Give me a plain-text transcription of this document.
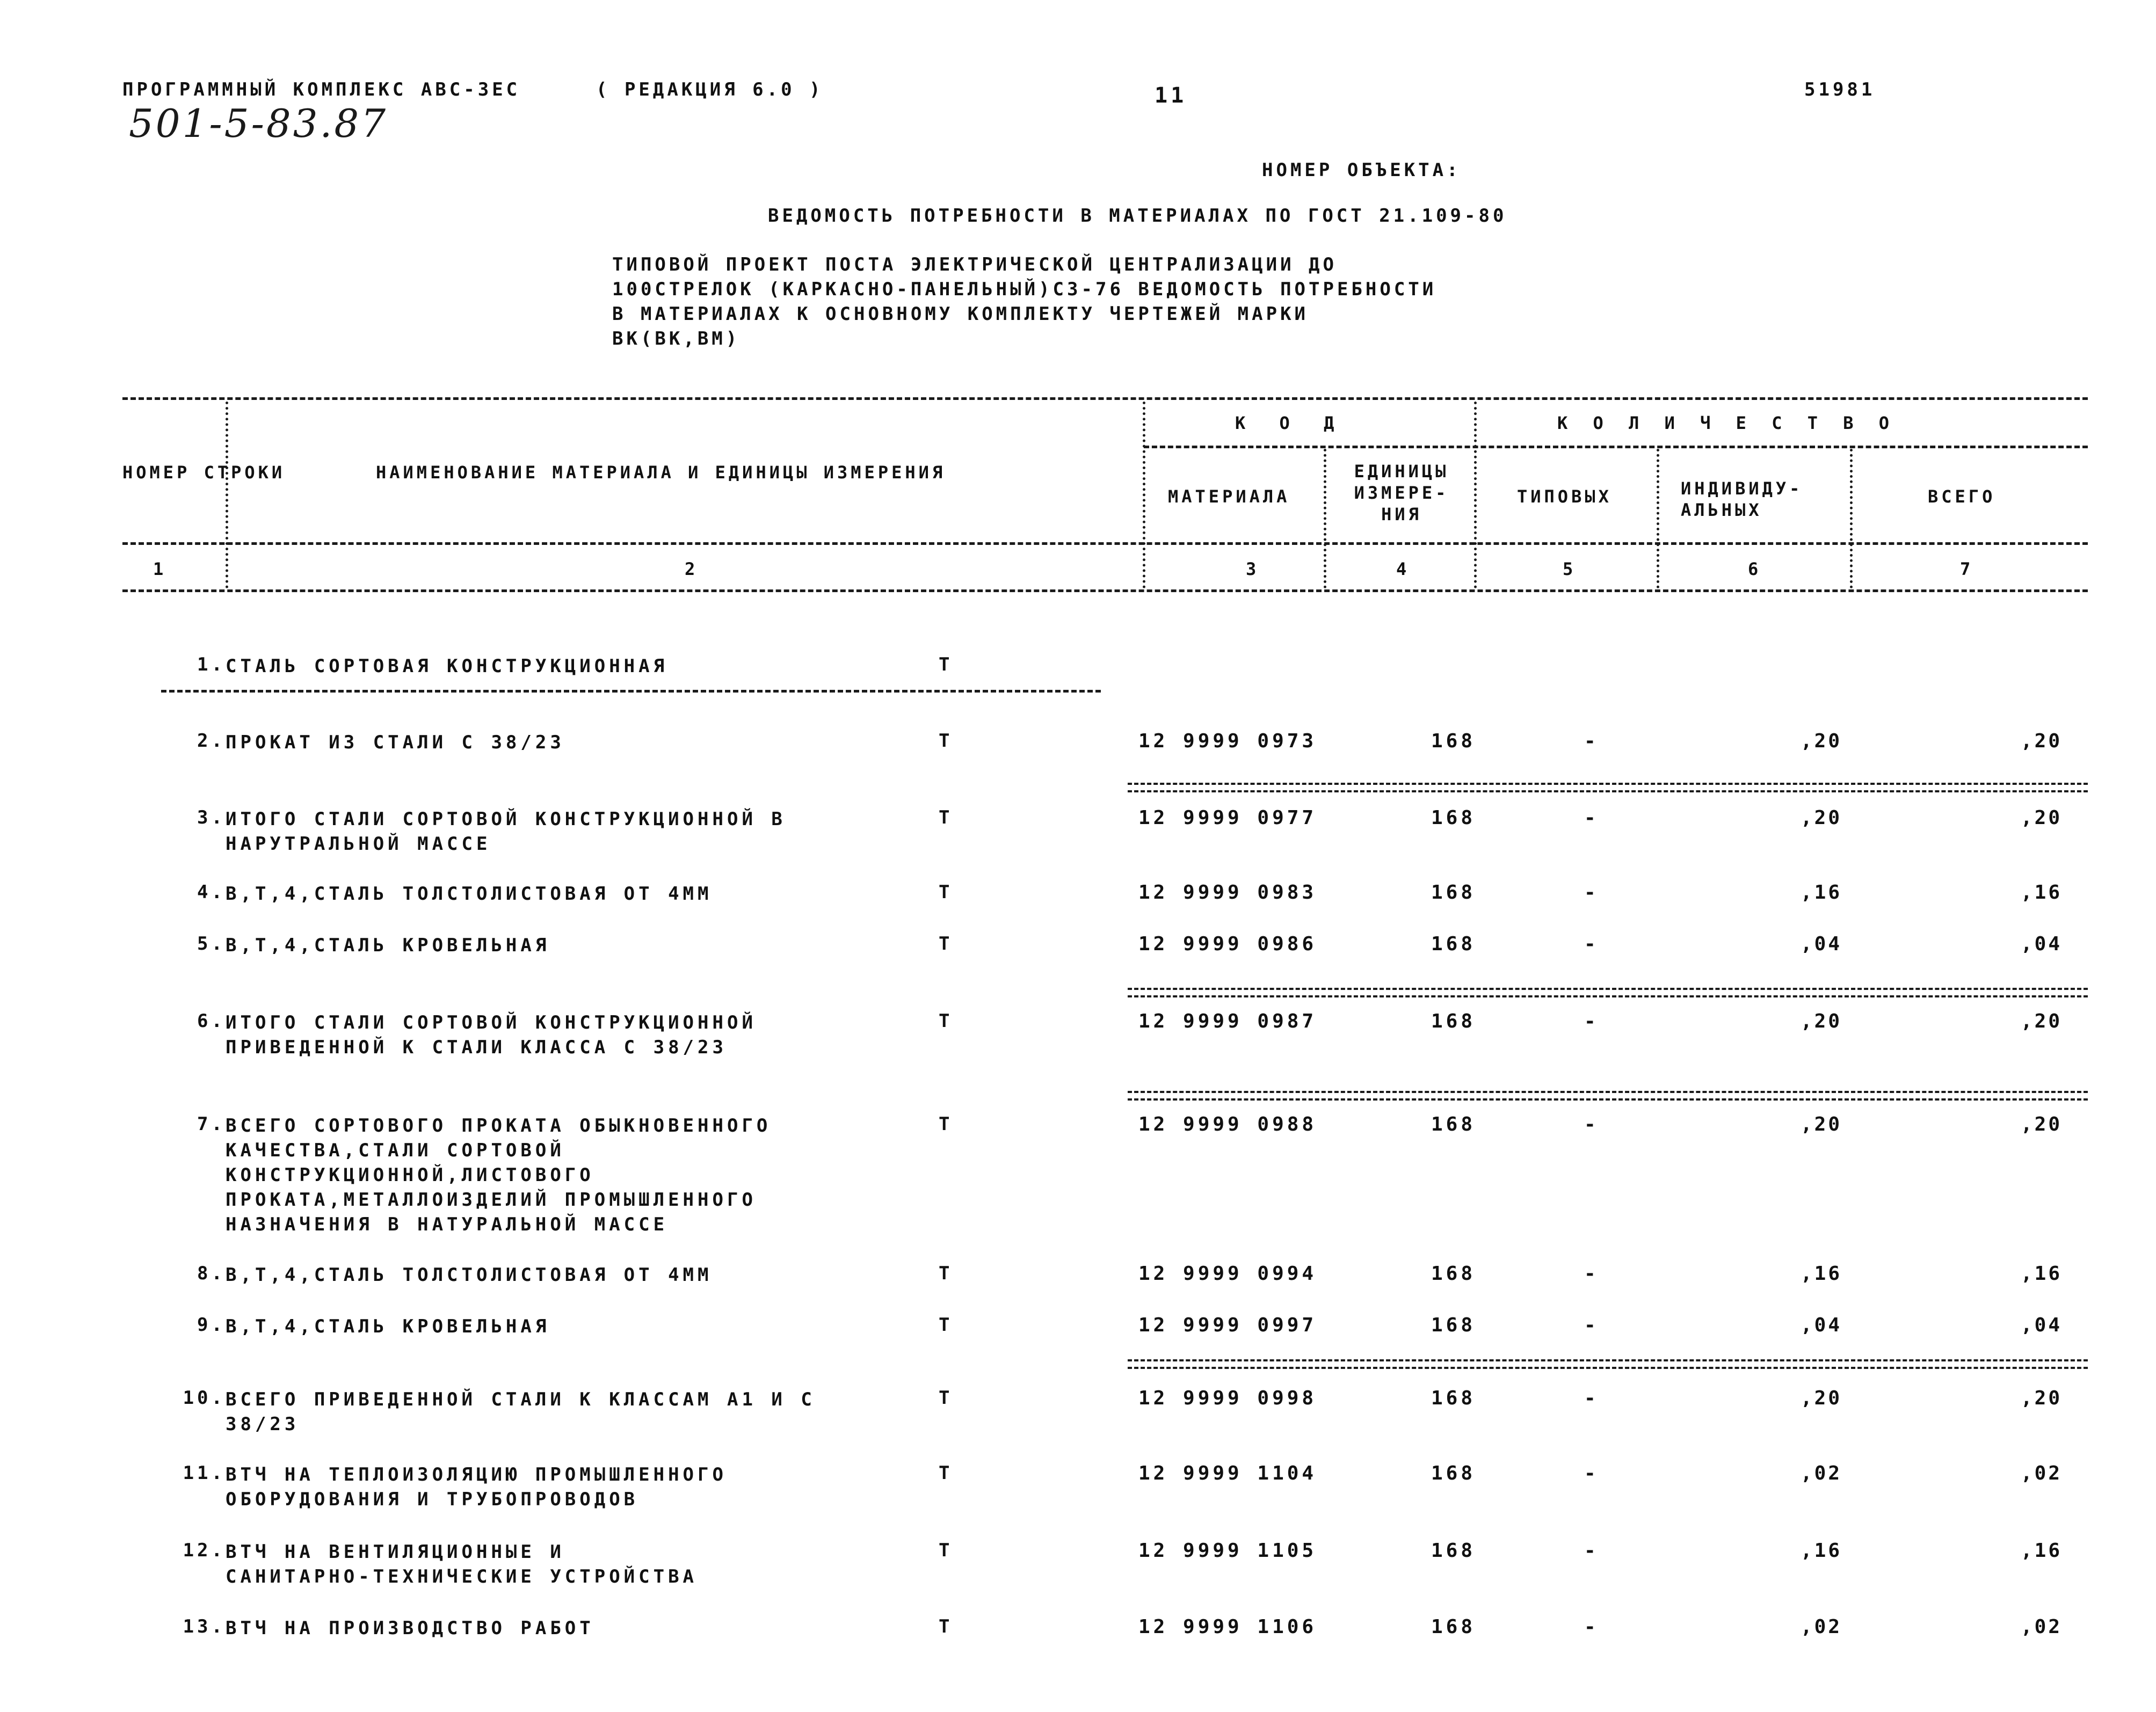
ПРОГРАММНЫЙ КОМПЛЕКС АВС-3ЕС	( РЕДАКЦИЯ 6.0 )
501-5-83.87
11	51981
НОМЕР ОБЪЕКТА:
ВЕДОМОСТЬ ПОТРЕБНОСТИ В МАТЕРИАЛАХ ПО ГОСТ 21.109-80
ТИПОВОЙ ПРОЕКТ ПОСТА ЭЛЕКТРИЧЕСКОЙ ЦЕНТРАЛИЗАЦИИ ДО
100СТРЕЛОК (КАРКАСНО-ПАНЕЛЬНЫЙ)С3-76 ВЕДОМОСТЬ ПОТРЕБНОСТИ
В МАТЕРИАЛАХ К ОСНОВНОМУ КОМПЛЕКТУ ЧЕРТЕЖЕЙ МАРКИ
ВК(ВК,ВМ)
НОМЕР СТРОКИ	НАИМЕНОВАНИЕ МАТЕРИАЛА И ЕДИНИЦЫ ИЗМЕРЕНИЯ
К О Д	К О Л И Ч Е С Т В О
МАТЕРИАЛА
ЕДИНИЦЫ ИЗМЕРЕ- НИЯ
ТИПОВЫХ	ИНДИВИДУ- АЛЬНЫХ
ВСЕГО
1	2	3	4	5	6	7
1. СТАЛЬ СОРТОВАЯ КОНСТРУКЦИОННАЯ	Т
2. ПРОКАТ ИЗ СТАЛИ С 38/23	Т	12 9999 0973	168	-	,20	,20
3. ИТОГО СТАЛИ СОРТОВОЙ КОНСТРУКЦИОННОЙ В
НАРУТРАЛЬНОЙ МАССЕ
Т	12 9999 0977	168	-	,20	,20
4. В,Т,4,СТАЛЬ ТОЛСТОЛИСТОВАЯ ОТ 4ММ	Т	12 9999 0983	168	-	,16	,16
5. В,Т,4,СТАЛЬ КРОВЕЛЬНАЯ	Т	12 9999 0986	168	-	,04	,04
6. ИТОГО СТАЛИ СОРТОВОЙ КОНСТРУКЦИОННОЙ
ПРИВЕДЕННОЙ К СТАЛИ КЛАССА С 38/23
Т	12 9999 0987	168	-	,20	,20
7. ВСЕГО СОРТОВОГО ПРОКАТА ОБЫКНОВЕННОГО
КАЧЕСТВА,СТАЛИ СОРТОВОЙ
КОНСТРУКЦИОННОЙ,ЛИСТОВОГО
ПРОКАТА,МЕТАЛЛОИЗДЕЛИЙ ПРОМЫШЛЕННОГО
НАЗНАЧЕНИЯ В НАТУРАЛЬНОЙ МАССЕ
Т	12 9999 0988	168	-	,20	,20
8. В,Т,4,СТАЛЬ ТОЛСТОЛИСТОВАЯ ОТ 4ММ	Т	12 9999 0994	168	-	,16	,16
9. В,Т,4,СТАЛЬ КРОВЕЛЬНАЯ	Т	12 9999 0997	168	-	,04	,04
10. ВСЕГО ПРИВЕДЕННОЙ СТАЛИ К КЛАССАМ А1 И С
38/23
Т	12 9999 0998	168	-	,20	,20
11. ВТЧ НА ТЕПЛОИЗОЛЯЦИЮ ПРОМЫШЛЕННОГО
ОБОРУДОВАНИЯ И ТРУБОПРОВОДОВ
Т	12 9999 1104	168	-	,02	,02
12. ВТЧ НА ВЕНТИЛЯЦИОННЫЕ И
САНИТАРНО-ТЕХНИЧЕСКИЕ УСТРОЙСТВА
Т	12 9999 1105	168	-	,16	,16
13. ВТЧ НА ПРОИЗВОДСТВО РАБОТ	Т	12 9999 1106	168	-	,02	,02
